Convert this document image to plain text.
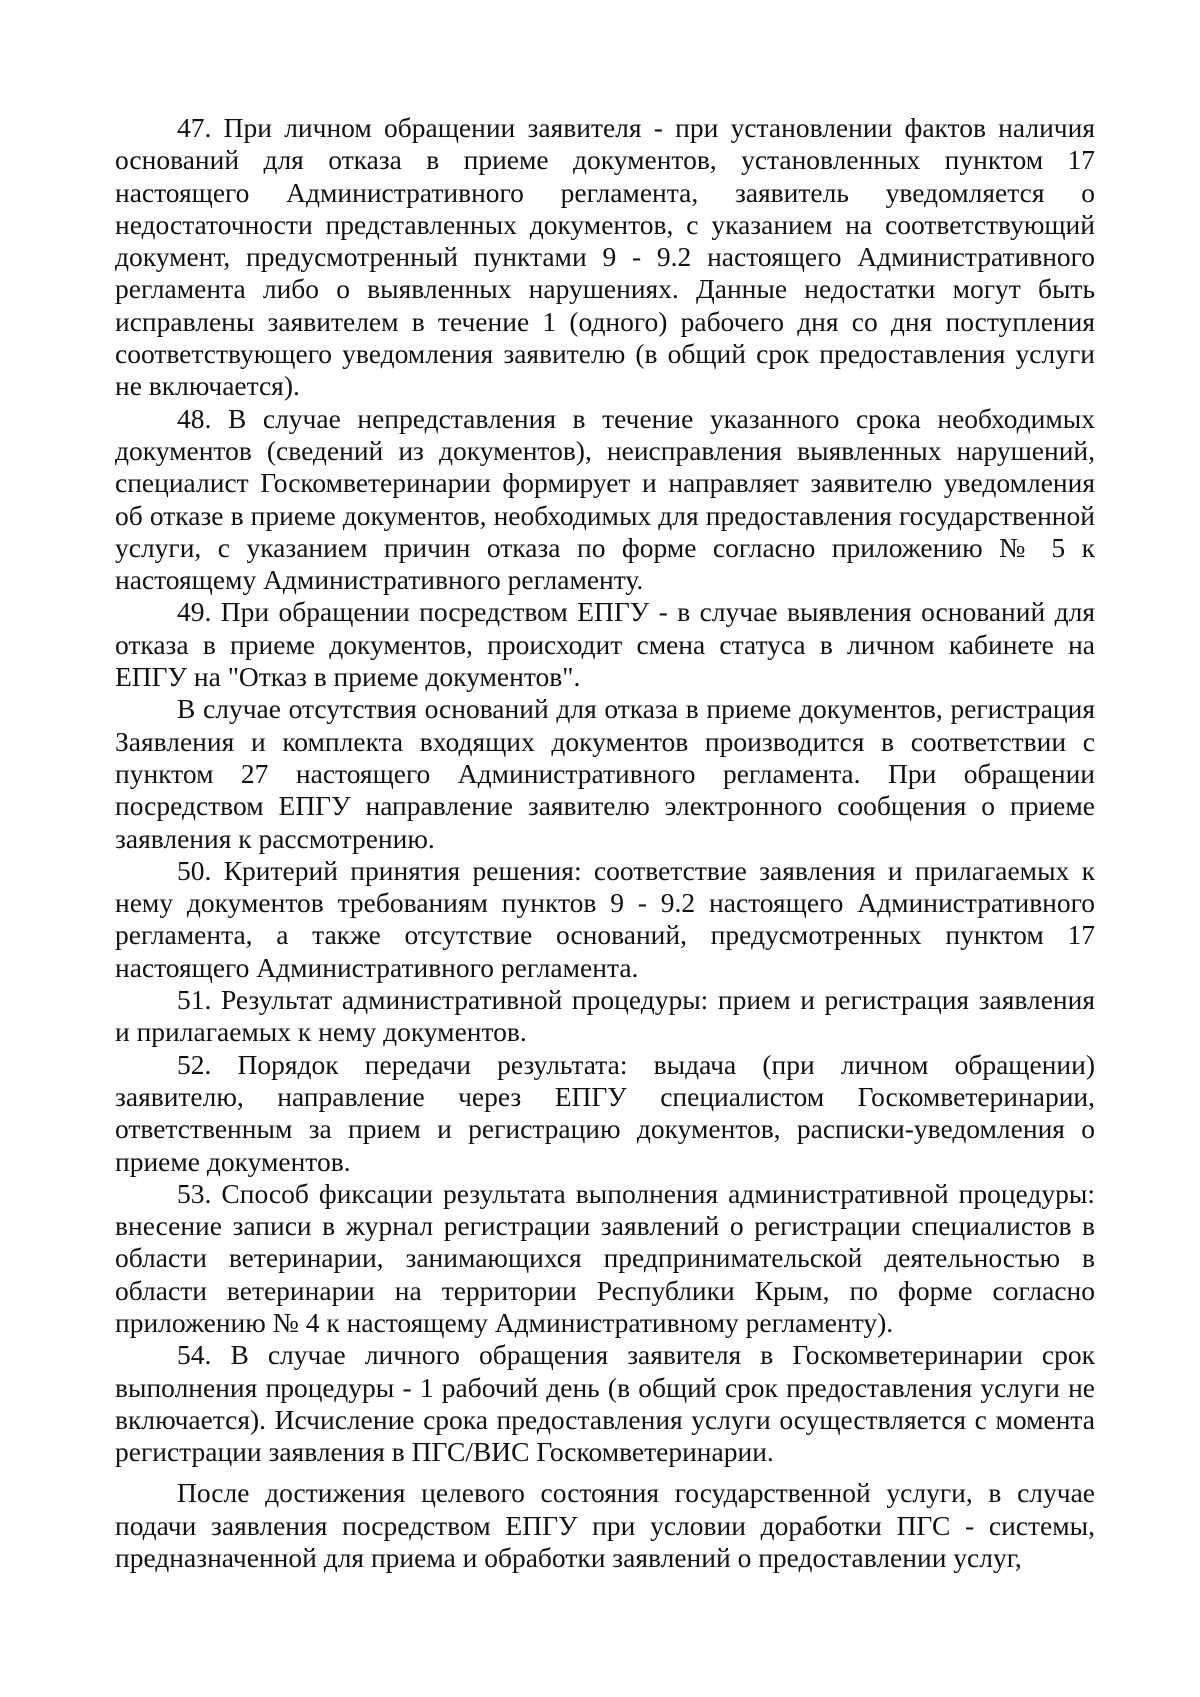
47. При личном обращении заявителя - при установлении фактов наличия оснований для отказа в приеме документов, установленных пунктом 17 настоящего Административного регламента, заявитель уведомляется о недостаточности представленных документов, с указанием на соответствующий документ, предусмотренный пунктами 9 - 9.2 настоящего Административного регламента либо о выявленных нарушениях. Данные недостатки могут быть исправлены заявителем в течение 1 (одного) рабочего дня со дня поступления соответствующего уведомления заявителю (в общий срок предоставления услуги не включается).

48. В случае непредставления в течение указанного срока необходимых документов (сведений из документов), неисправления выявленных нарушений, специалист Госкомветеринарии формирует и направляет заявителю уведомления об отказе в приеме документов, необходимых для предоставления государственной услуги, с указанием причин отказа по форме согласно приложению № 5 к настоящему Административного регламенту.

49. При обращении посредством ЕПГУ - в случае выявления оснований для отказа в приеме документов, происходит смена статуса в личном кабинете на ЕПГУ на "Отказ в приеме документов".

В случае отсутствия оснований для отказа в приеме документов, регистрация Заявления и комплекта входящих документов производится в соответствии с пунктом 27 настоящего Административного регламента. При обращении посредством ЕПГУ направление заявителю электронного сообщения о приеме заявления к рассмотрению.

50. Критерий принятия решения: соответствие заявления и прилагаемых к нему документов требованиям пунктов 9 - 9.2 настоящего Административного регламента, а также отсутствие оснований, предусмотренных пунктом 17 настоящего Административного регламента.

51. Результат административной процедуры: прием и регистрация заявления и прилагаемых к нему документов.

52. Порядок передачи результата: выдача (при личном обращении) заявителю, направление через ЕПГУ специалистом Госкомветеринарии, ответственным за прием и регистрацию документов, расписки-уведомления о приеме документов.

53. Способ фиксации результата выполнения административной процедуры: внесение записи в журнал регистрации заявлений о регистрации специалистов в области ветеринарии, занимающихся предпринимательской деятельностью в области ветеринарии на территории Республики Крым, по форме согласно приложению № 4 к настоящему Административному регламенту).

54. В случае личного обращения заявителя в Госкомветеринарии срок выполнения процедуры - 1 рабочий день (в общий срок предоставления услуги не включается). Исчисление срока предоставления услуги осуществляется с момента регистрации заявления в ПГС/ВИС Госкомветеринарии.

После достижения целевого состояния государственной услуги, в случае подачи заявления посредством ЕПГУ при условии доработки ПГС - системы, предназначенной для приема и обработки заявлений о предоставлении услуг,
